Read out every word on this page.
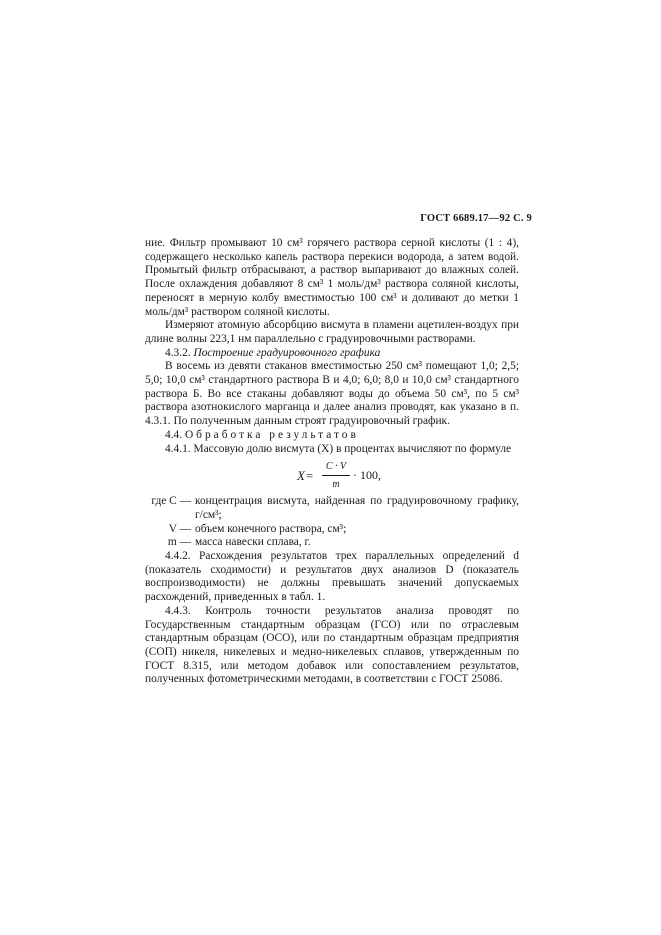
ГОСТ 6689.17—92 С. 9

ние. Фильтр промывают 10 см³ горячего раствора серной кислоты (1 : 4), содержащего несколько капель раствора перекиси водорода, а затем водой. Промытый фильтр отбрасывают, а раствор выпаривают до влажных солей. После охлаждения добавляют 8 см³ 1 моль/дм³ раствора соляной кислоты, переносят в мерную колбу вместимостью 100 см³ и доливают до метки 1 моль/дм³ раствором соляной кислоты.

Измеряют атомную абсорбцию висмута в пламени ацетилен-воздух при длине волны 223,1 нм параллельно с градуировочными растворами.

4.3.2. Построение градуировочного графика

В восемь из девяти стаканов вместимостью 250 см³ помещают 1,0; 2,5; 5,0; 10,0 см³ стандартного раствора В и 4,0; 6,0; 8,0 и 10,0 см³ стандартного раствора Б. Во все стаканы добавляют воды до объема 50 см³, по 5 см³ раствора азотнокислого марганца и далее анализ проводят, как указано в п. 4.3.1. По полученным данным строят градуировочный график.

4.4. Обработка результатов

4.4.1. Массовую долю висмута (X) в процентах вычисляют по формуле

$X= \frac{C \cdot V}{m} \cdot 100$,
где C — концентрация висмута, найденная по градуировочному графику, г/см³;
V — объем конечного раствора, см³;
m — масса навески сплава, г.

4.4.2. Расхождения результатов трех параллельных определений d (показатель сходимости) и результатов двух анализов D (показатель воспроизводимости) не должны превышать значений допускаемых расхождений, приведенных в табл. 1.

4.4.3. Контроль точности результатов анализа проводят по Государственным стандартным образцам (ГСО) или по отраслевым стандартным образцам (ОСО), или по стандартным образцам предприятия (СОП) никеля, никелевых и медно-никелевых сплавов, утвержденным по ГОСТ 8.315, или методом добавок или сопоставлением результатов, полученных фотометрическими методами, в соответствии с ГОСТ 25086.
